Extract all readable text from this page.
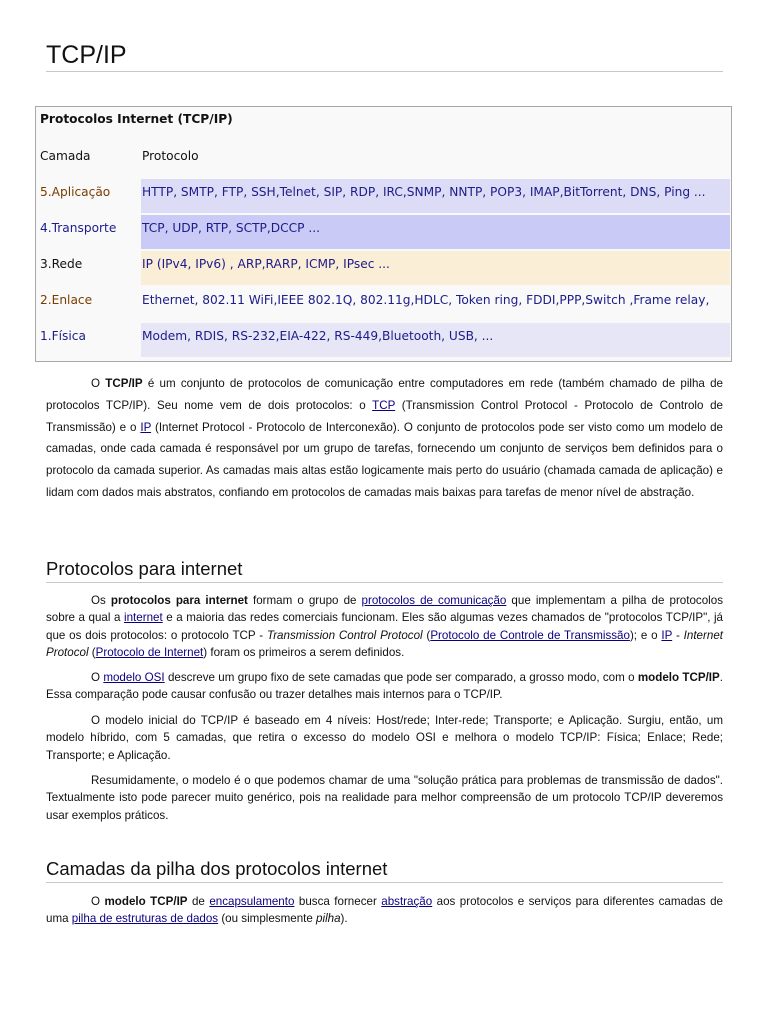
TCP/IP
Protocolos Internet (TCP/IP)
Camada	Protocolo
5.Aplicação	HTTP, SMTP, FTP, SSH,Telnet, SIP, RDP, IRC,SNMP, NNTP, POP3, IMAP,BitTorrent, DNS, Ping ...
4.Transporte TCP, UDP, RTP, SCTP,DCCP ...
3.Rede	IP (IPv4, IPv6) , ARP,RARP, ICMP, IPsec ...
2.Enlace	Ethernet, 802.11 WiFi,IEEE 802.1Q, 802.11g,HDLC, Token ring, FDDI,PPP,Switch ,Frame relay,
1.Física	Modem, RDIS, RS-232,EIA-422, RS-449,Bluetooth, USB, ...

O TCP/IP é um conjunto de protocolos de comunicação entre computadores em rede (também chamado de pilha de protocolos TCP/IP). Seu nome vem de dois protocolos: o TCP (Transmission Control Protocol - Protocolo de Controlo de Transmissão) e o IP (Internet Protocol - Protocolo de Interconexão). O conjunto de protocolos pode ser visto como um modelo de camadas, onde cada camada é responsável por um grupo de tarefas, fornecendo um conjunto de serviços bem definidos para o protocolo da camada superior. As camadas mais altas estão logicamente mais perto do usuário (chamada camada de aplicação) e lidam com dados mais abstratos, confiando em protocolos de camadas mais baixas para tarefas de menor nível de abstração.

Protocolos para internet

Os protocolos para internet formam o grupo de protocolos de comunicação que implementam a pilha de protocolos sobre a qual a internet e a maioria das redes comerciais funcionam. Eles são algumas vezes chamados de "protocolos TCP/IP", já que os dois protocolos: o protocolo TCP - Transmission Control Protocol (Protocolo de Controle de Transmissão); e o IP - Internet Protocol (Protocolo de Internet) foram os primeiros a serem definidos.

O modelo OSI descreve um grupo fixo de sete camadas que pode ser comparado, a grosso modo, com o modelo TCP/IP. Essa comparação pode causar confusão ou trazer detalhes mais internos para o TCP/IP.

O modelo inicial do TCP/IP é baseado em 4 níveis: Host/rede; Inter-rede; Transporte; e Aplicação. Surgiu, então, um modelo híbrido, com 5 camadas, que retira o excesso do modelo OSI e melhora o modelo TCP/IP: Física; Enlace; Rede; Transporte; e Aplicação.

Resumidamente, o modelo é o que podemos chamar de uma "solução prática para problemas de transmissão de dados". Textualmente isto pode parecer muito genérico, pois na realidade para melhor compreensão de um protocolo TCP/IP deveremos usar exemplos práticos.

Camadas da pilha dos protocolos internet

O modelo TCP/IP de encapsulamento busca fornecer abstração aos protocolos e serviços para diferentes camadas de uma pilha de estruturas de dados (ou simplesmente pilha).
